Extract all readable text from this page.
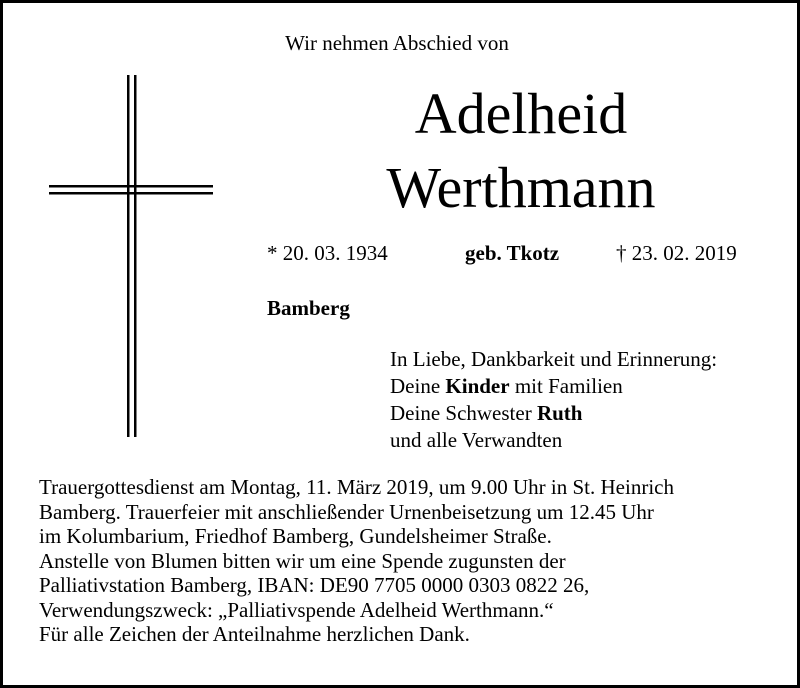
Wir nehmen Abschied von
Adelheid
Werthmann
* 20. 03. 1934	geb. Tkotz	† 23. 02. 2019
Bamberg
In Liebe, Dankbarkeit und Erinnerung:
Deine Kinder mit Familien
Deine Schwester Ruth
und alle Verwandten
Trauergottesdienst am Montag, 11. März 2019, um 9.00 Uhr in St. Heinrich
Bamberg. Trauerfeier mit anschließender Urnenbeisetzung um 12.45 Uhr
im Kolumbarium, Friedhof Bamberg, Gundelsheimer Straße.
Anstelle von Blumen bitten wir um eine Spende zugunsten der
Palliativstation Bamberg, IBAN: DE90 7705 0000 0303 0822 26,
Verwendungszweck: „Palliativspende Adelheid Werthmann.“
Für alle Zeichen der Anteilnahme herzlichen Dank.
